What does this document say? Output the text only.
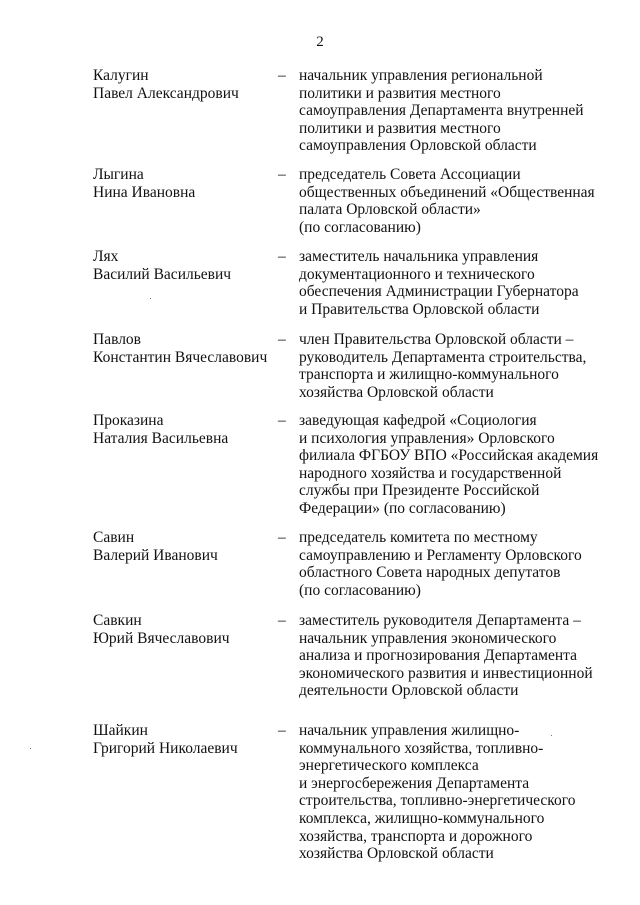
2
Калугин
Павел Александрович
– начальник управления региональной
политики и развития местного
самоуправления Департамента внутренней
политики и развития местного
самоуправления Орловской области
Лыгина
Нина Ивановна
– председатель Совета Ассоциации
общественных объединений «Общественная
палата Орловской области»
(по согласованию)
Лях
Василий Васильевич
– заместитель начальника управления
документационного и технического
обеспечения Администрации Губернатора
и Правительства Орловской области
Павлов
Константин Вячеславович
– член Правительства Орловской области –
руководитель Департамента строительства,
транспорта и жилищно-коммунального
хозяйства Орловской области
Проказина
Наталия Васильевна
– заведующая кафедрой «Социология
и психология управления» Орловского
филиала ФГБОУ ВПО «Российская академия
народного хозяйства и государственной
службы при Президенте Российской
Федерации» (по согласованию)
Савин
Валерий Иванович
– председатель комитета по местному
самоуправлению и Регламенту Орловского
областного Совета народных депутатов
(по согласованию)
Савкин
Юрий Вячеславович
– заместитель руководителя Департамента –
начальник управления экономического
анализа и прогнозирования Департамента
экономического развития и инвестиционной
деятельности Орловской области
Шайкин
Григорий Николаевич
– начальник управления жилищно-
коммунального хозяйства, топливно-
энергетического комплекса
и энергосбережения Департамента
строительства, топливно-энергетического
комплекса, жилищно-коммунального
хозяйства, транспорта и дорожного
хозяйства Орловской области
